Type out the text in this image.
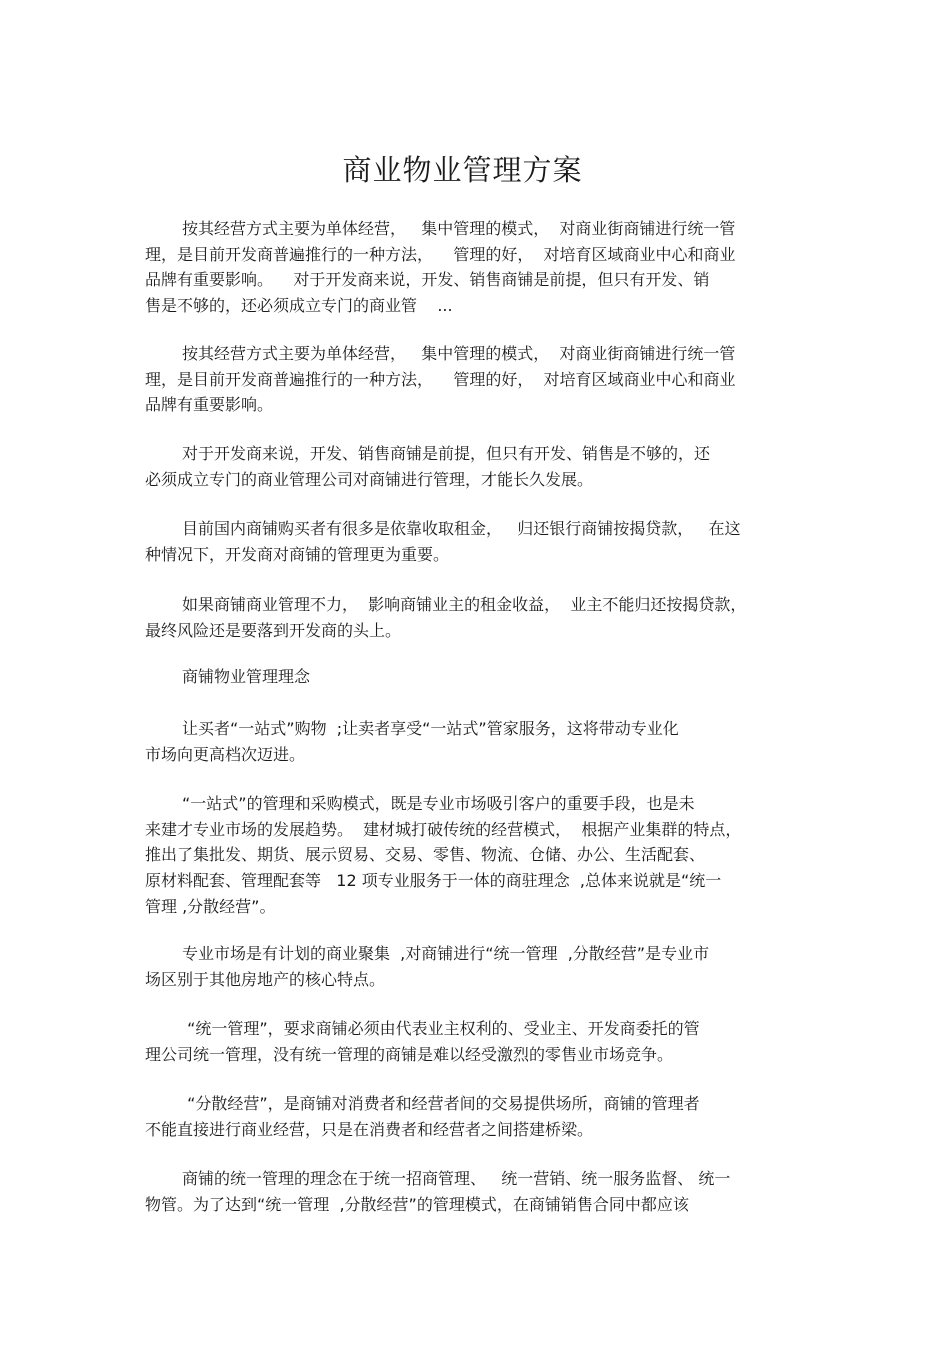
商业物业管理方案
按其经营方式主要为单体经营，   集中管理的模式，  对商业街商铺进行统一管
理，是目前开发商普遍推行的一种方法，    管理的好，  对培育区域商业中心和商业
品牌有重要影响。    对于开发商来说，开发、销售商铺是前提，但只有开发、销
售是不够的，还必须成立专门的商业管    ...
按其经营方式主要为单体经营，   集中管理的模式，  对商业街商铺进行统一管
理，是目前开发商普遍推行的一种方法，    管理的好，  对培育区域商业中心和商业
品牌有重要影响。
对于开发商来说，开发、销售商铺是前提，但只有开发、销售是不够的，还
必须成立专门的商业管理公司对商铺进行管理，才能长久发展。
目前国内商铺购买者有很多是依靠收取租金，   归还银行商铺按揭贷款，   在这
种情况下，开发商对商铺的管理更为重要。
如果商铺商业管理不力，  影响商铺业主的租金收益，  业主不能归还按揭贷款，
最终风险还是要落到开发商的头上。
商铺物业管理理念
让买者“一站式”购物  ;让卖者享受“一站式”管家服务，这将带动专业化
市场向更高档次迈进。
“一站式”的管理和采购模式，既是专业市场吸引客户的重要手段，也是未
来建才专业市场的发展趋势。  建材城打破传统的经营模式，  根据产业集群的特点，
推出了集批发、期货、展示贸易、交易、零售、物流、仓储、办公、生活配套、
原材料配套、管理配套等   12 项专业服务于一体的商驻理念  ,总体来说就是“统一
管理 ,分散经营”。
专业市场是有计划的商业聚集  ,对商铺进行“统一管理  ,分散经营”是专业市
场区别于其他房地产的核心特点。
“统一管理”，要求商铺必须由代表业主权利的、受业主、开发商委托的管
理公司统一管理，没有统一管理的商铺是难以经受激烈的零售业市场竞争。
“分散经营”，是商铺对消费者和经营者间的交易提供场所，商铺的管理者
不能直接进行商业经营，只是在消费者和经营者之间搭建桥梁。
商铺的统一管理的理念在于统一招商管理、   统一营销、统一服务监督、 统一
物管。为了达到“统一管理  ,分散经营”的管理模式，在商铺销售合同中都应该
